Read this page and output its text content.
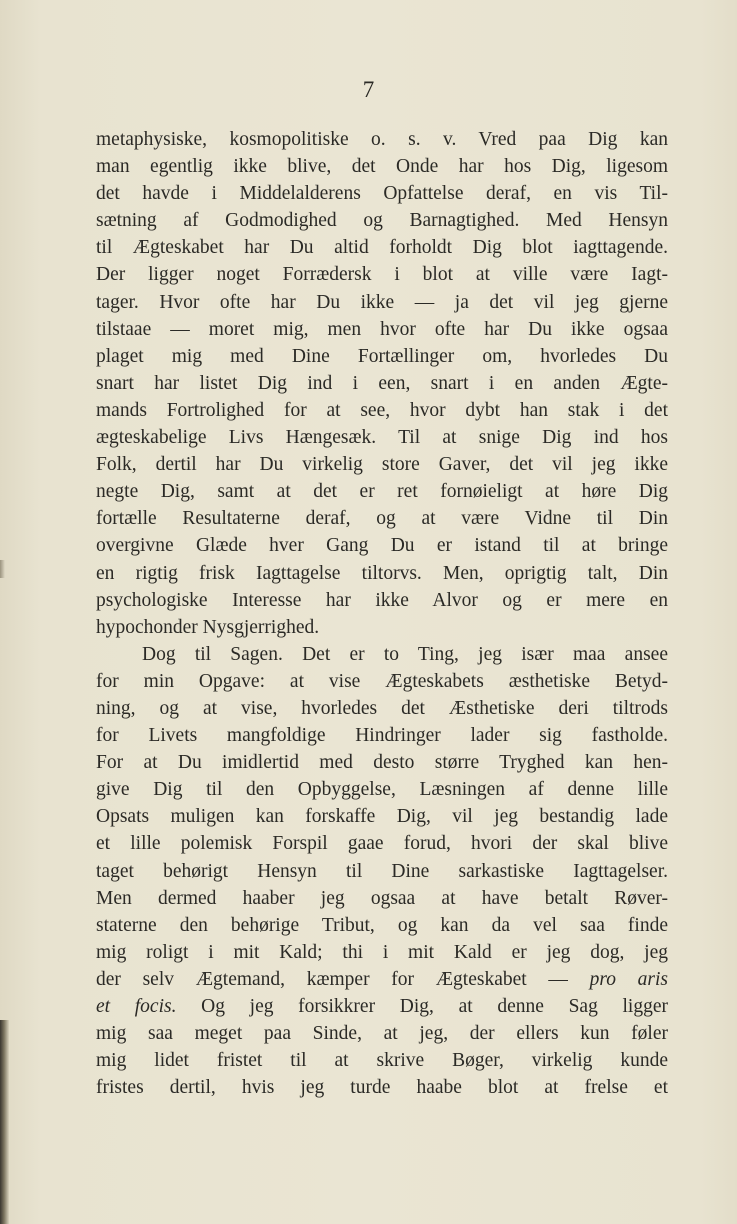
7
metaphysiske, kosmopolitiske o. s. v. Vred paa Dig kan
man egentlig ikke blive, det Onde har hos Dig, ligesom
det havde i Middelalderens Opfattelse deraf, en vis Til-
sætning af Godmodighed og Barnagtighed. Med Hensyn
til Ægteskabet har Du altid forholdt Dig blot iagttagende.
Der ligger noget Forrædersk i blot at ville være Iagt-
tager. Hvor ofte har Du ikke — ja det vil jeg gjerne
tilstaae — moret mig, men hvor ofte har Du ikke ogsaa
plaget mig med Dine Fortællinger om, hvorledes Du
snart har listet Dig ind i een, snart i en anden Ægte-
mands Fortrolighed for at see, hvor dybt han stak i det
ægteskabelige Livs Hængesæk. Til at snige Dig ind hos
Folk, dertil har Du virkelig store Gaver, det vil jeg ikke
negte Dig, samt at det er ret fornøieligt at høre Dig
fortælle Resultaterne deraf, og at være Vidne til Din
overgivne Glæde hver Gang Du er istand til at bringe
en rigtig frisk Iagttagelse tiltorvs. Men, oprigtig talt, Din
psychologiske Interesse har ikke Alvor og er mere en
hypochonder Nysgjerrighed.
Dog til Sagen. Det er to Ting, jeg især maa ansee
for min Opgave: at vise Ægteskabets æsthetiske Betyd-
ning, og at vise, hvorledes det Æsthetiske deri tiltrods
for Livets mangfoldige Hindringer lader sig fastholde.
For at Du imidlertid med desto større Tryghed kan hen-
give Dig til den Opbyggelse, Læsningen af denne lille
Opsats muligen kan forskaffe Dig, vil jeg bestandig lade
et lille polemisk Forspil gaae forud, hvori der skal blive
taget behørigt Hensyn til Dine sarkastiske Iagttagelser.
Men dermed haaber jeg ogsaa at have betalt Røver-
staterne den behørige Tribut, og kan da vel saa finde
mig roligt i mit Kald; thi i mit Kald er jeg dog, jeg
der selv Ægtemand, kæmper for Ægteskabet — pro aris
et focis. Og jeg forsikkrer Dig, at denne Sag ligger
mig saa meget paa Sinde, at jeg, der ellers kun føler
mig lidet fristet til at skrive Bøger, virkelig kunde
fristes dertil, hvis jeg turde haabe blot at frelse et
